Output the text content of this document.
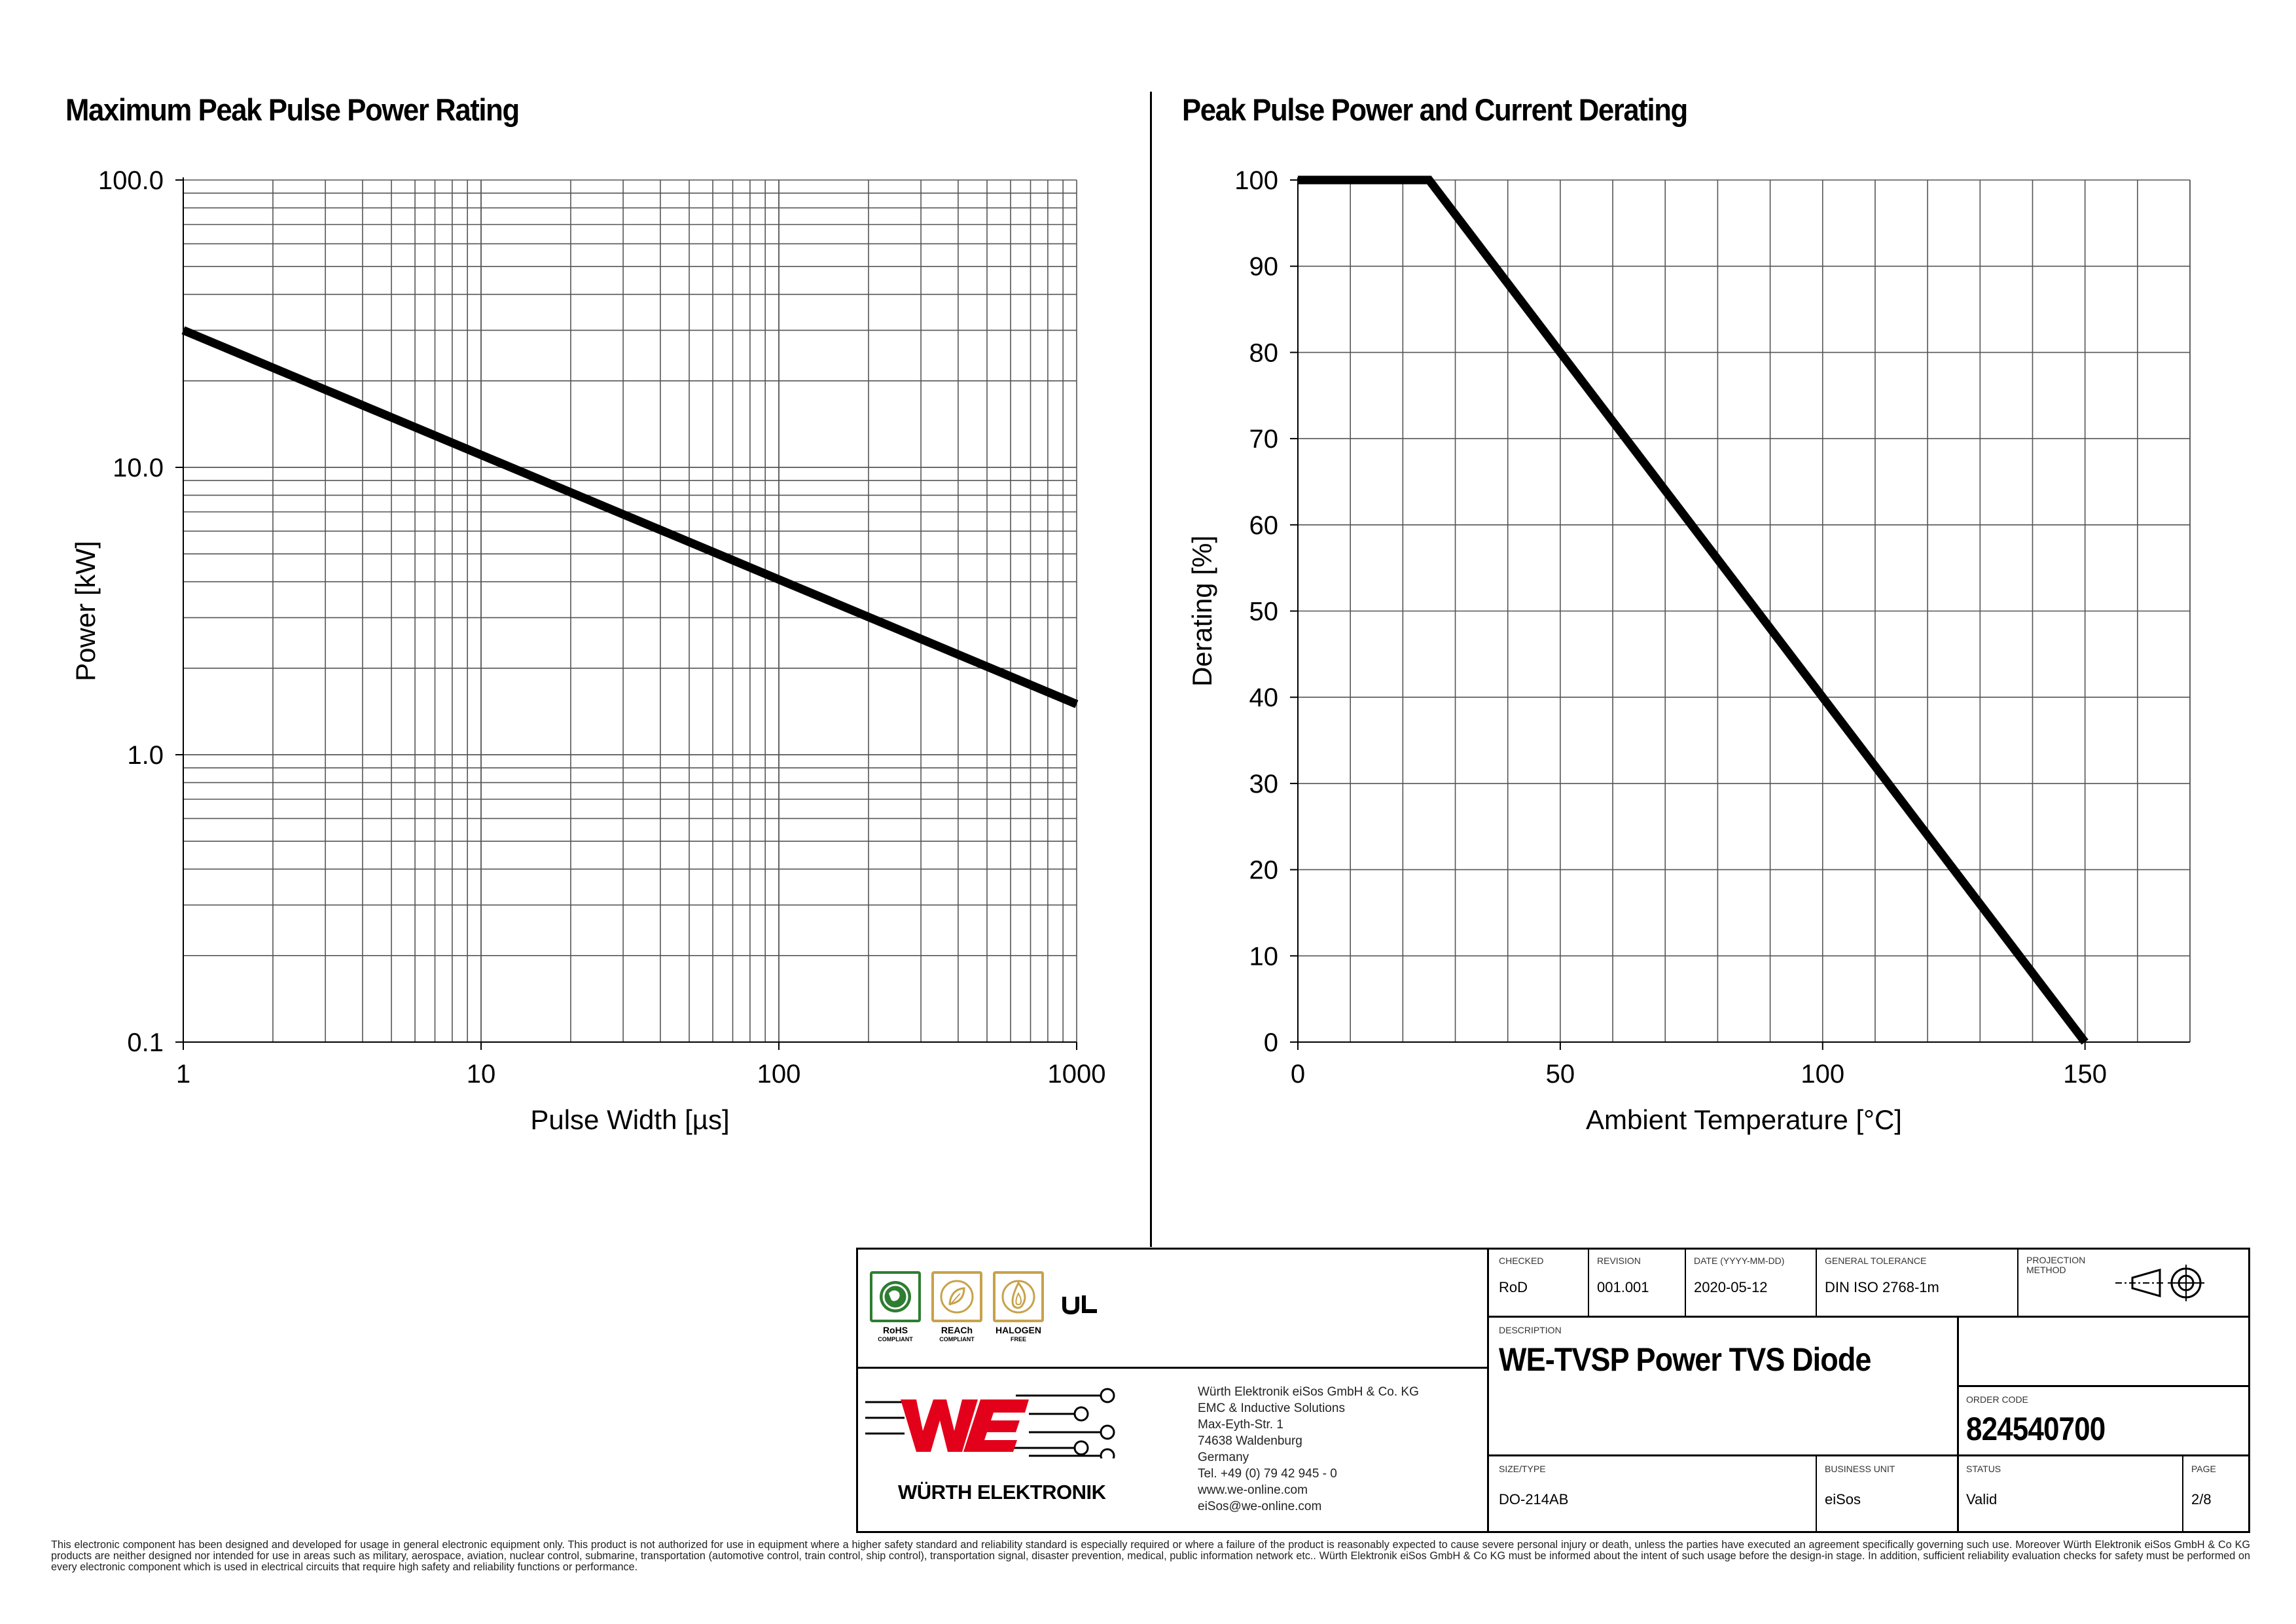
Maximum Peak Pulse Power Rating	Peak Pulse Power and Current Derating
1	10	100	1000
0.1
1.0
10.0
100.0
Pulse Width [µs]
Power [kW]
0	50	100	150
0
10
20
30
40
50
60
70
80
90
100
Ambient Temperature [°C]
Derating [%]
CHECKED
RoD
REVISION
001.001
DATE (YYYY-MM-DD)
2020-05-12
GENERAL TOLERANCE
DIN ISO 2768-1m
PROJECTION
METHOD
DESCRIPTION
WE-TVSP Power TVS Diode
ORDER CODE
824540700
SIZE/TYPE
DO-214AB
BUSINESS UNIT
eiSos
STATUS
Valid
PAGE
2/8
RoHS
COMPLIANT
REACh
COMPLIANT
HALOGEN
FREE
WÜRTH ELEKTRONIK
Würth Elektronik eiSos GmbH & Co. KG
EMC & Inductive Solutions
Max-Eyth-Str. 1
74638 Waldenburg
Germany
Tel. +49 (0) 79 42 945 - 0
www.we-online.com
eiSos@we-online.com
This electronic component has been designed and developed for usage in general electronic equipment only. This product is not authorized for use in equipment where a higher safety standard and reliability standard is especially required or where a failure of the product is reasonably expected to cause severe personal injury or death, unless the parties have executed an agreement specifically governing such use. Moreover Würth Elektronik eiSos GmbH & Co KG products are neither designed nor intended for use in areas such as military, aerospace, aviation, nuclear control, submarine, transportation (automotive control, train control, ship control), transportation signal, disaster prevention, medical, public information network etc.. Würth Elektronik eiSos GmbH & Co KG must be informed about the intent of such usage before the design-in stage. In addition, sufficient reliability evaluation checks for safety must be performed on every electronic component which is used in electrical circuits that require high safety and reliability functions or performance.
